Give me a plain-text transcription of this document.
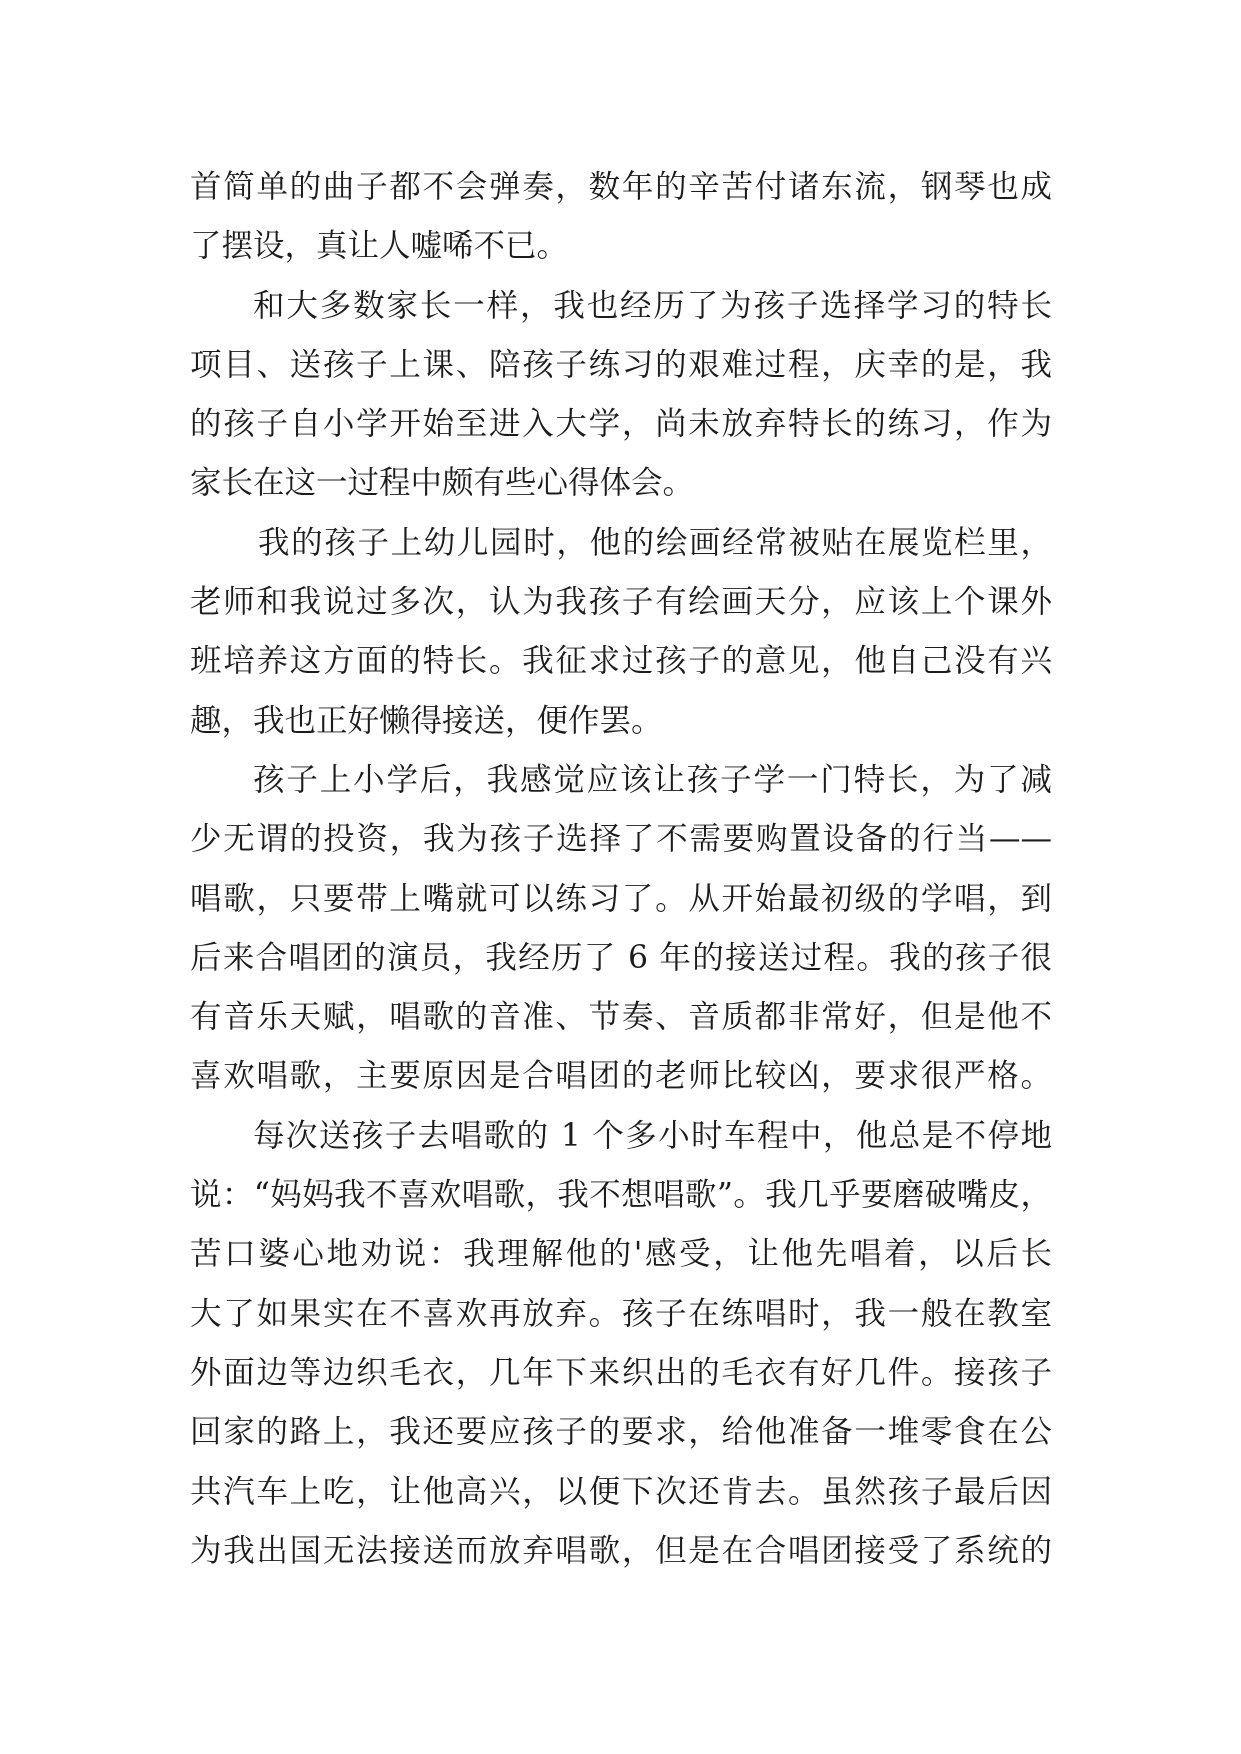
首简单的曲子都不会弹奏，数年的辛苦付诸东流，钢琴也成
了摆设，真让人嘘唏不已。
和大多数家长一样，我也经历了为孩子选择学习的特长
项目、送孩子上课、陪孩子练习的艰难过程，庆幸的是，我
的孩子自小学开始至进入大学，尚未放弃特长的练习，作为
家长在这一过程中颇有些心得体会。
我的孩子上幼儿园时，他的绘画经常被贴在展览栏里，
老师和我说过多次，认为我孩子有绘画天分，应该上个课外
班培养这方面的特长。我征求过孩子的意见，他自己没有兴
趣，我也正好懒得接送，便作罢。
孩子上小学后，我感觉应该让孩子学一门特长，为了减
少无谓的投资，我为孩子选择了不需要购置设备的行当——
唱歌，只要带上嘴就可以练习了。从开始最初级的学唱，到
后来合唱团的演员，我经历了 6 年的接送过程。我的孩子很
有音乐天赋，唱歌的音准、节奏、音质都非常好，但是他不
喜欢唱歌，主要原因是合唱团的老师比较凶，要求很严格。
每次送孩子去唱歌的 1 个多小时车程中，他总是不停地
说：“妈妈我不喜欢唱歌，我不想唱歌”。我几乎要磨破嘴皮，
苦口婆心地劝说：我理解他的'感受，让他先唱着，以后长
大了如果实在不喜欢再放弃。孩子在练唱时，我一般在教室
外面边等边织毛衣，几年下来织出的毛衣有好几件。接孩子
回家的路上，我还要应孩子的要求，给他准备一堆零食在公
共汽车上吃，让他高兴，以便下次还肯去。虽然孩子最后因
为我出国无法接送而放弃唱歌，但是在合唱团接受了系统的
